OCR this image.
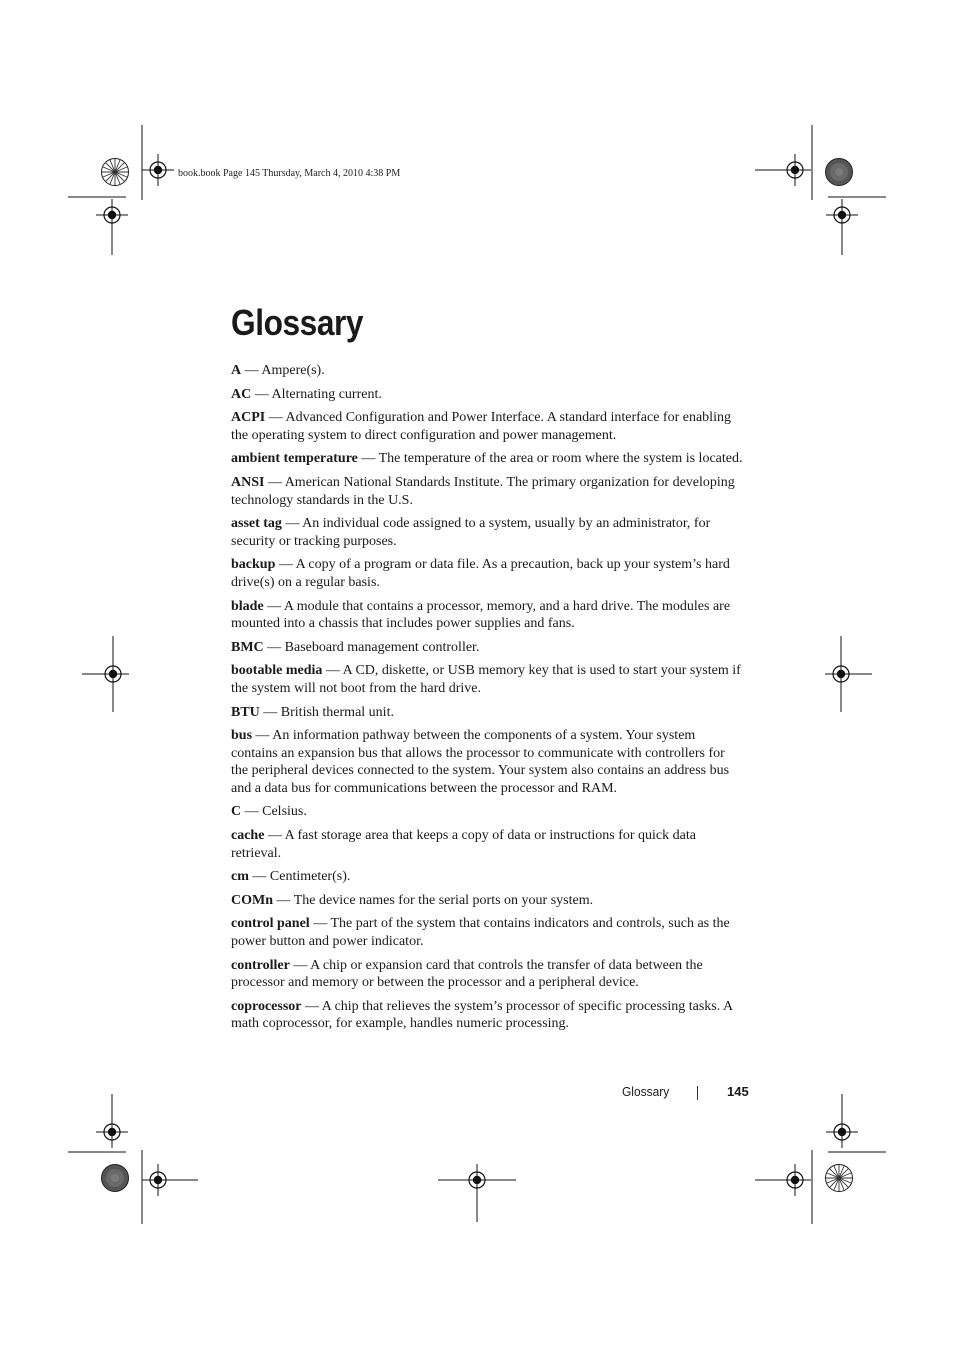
book.book Page 145 Thursday, March 4, 2010 4:38 PM
Glossary

A — Ampere(s).

AC — Alternating current.

ACPI — Advanced Configuration and Power Interface. A standard interface for enabling the operating system to direct configuration and power management.

ambient temperature — The temperature of the area or room where the system is located.

ANSI — American National Standards Institute. The primary organization for developing technology standards in the U.S.

asset tag — An individual code assigned to a system, usually by an administrator, for security or tracking purposes.

backup — A copy of a program or data file. As a precaution, back up your system’s hard drive(s) on a regular basis.

blade — A module that contains a processor, memory, and a hard drive. The modules are mounted into a chassis that includes power supplies and fans.

BMC — Baseboard management controller.

bootable media — A CD, diskette, or USB memory key that is used to start your system if the system will not boot from the hard drive.

BTU — British thermal unit.

bus — An information pathway between the components of a system. Your system contains an expansion bus that allows the processor to communicate with controllers for the peripheral devices connected to the system. Your system also contains an address bus and a data bus for communications between the processor and RAM.

C — Celsius.

cache — A fast storage area that keeps a copy of data or instructions for quick data retrieval.

cm — Centimeter(s).

COMn — The device names for the serial ports on your system.

control panel — The part of the system that contains indicators and controls, such as the power button and power indicator.

controller — A chip or expansion card that controls the transfer of data between the processor and memory or between the processor and a peripheral device.

coprocessor — A chip that relieves the system’s processor of specific processing tasks. A math coprocessor, for example, handles numeric processing.

Glossary	145
